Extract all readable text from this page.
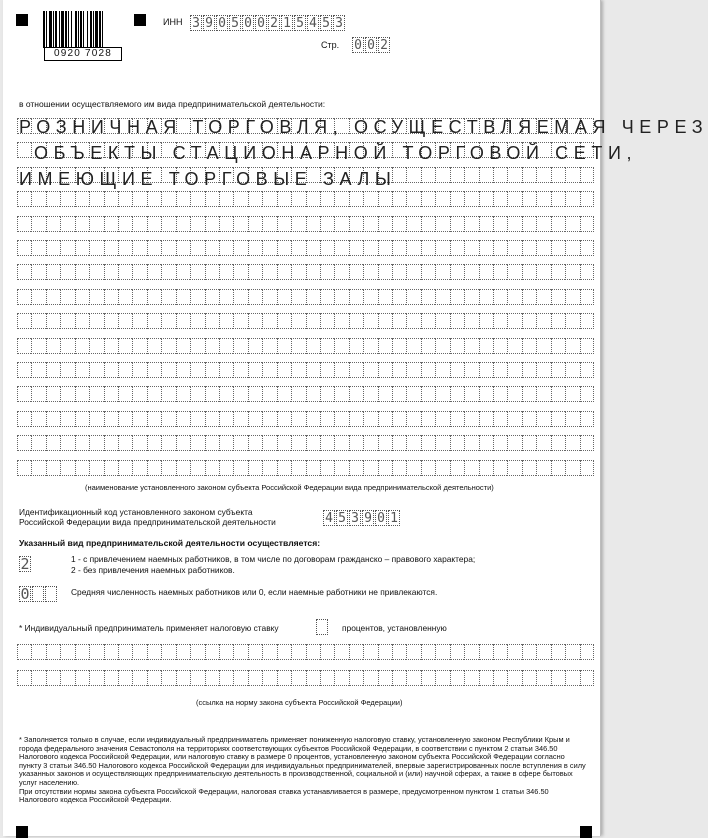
0920 7028
ИНН 3 9 0 5 0 0 2 1 5 4 5 3
Стр. 0 0 2
в отношении осуществляемого им вида предпринимательской деятельности:
РОЗНИЧНАЯ ТОРГОВЛЯ, ОСУЩЕСТВЛЯЕМАЯ ЧЕРЕЗ
ОБЪЕКТЫ СТАЦИОНАРНОЙ ТОРГОВОЙ СЕТИ,
ИМЕЮЩИЕ ТОРГОВЫЕ ЗАЛЫ
(наименование установленного законом субъекта Российской Федерации вида предпринимательской деятельности)
Идентификационный код установленного законом субъекта
Российской Федерации вида предпринимательской деятельности	4 5 3 9 0 1
Указанный вид предпринимательской деятельности осуществляется:
2	1 - с привлечением наемных работников, в том числе по договорам гражданско – правового характера;
2 - без привлечения наемных работников.
0	Средняя численность наемных работников или 0, если наемные работники не привлекаются.
* Индивидуальный предприниматель применяет налоговую ставку	процентов, установленную
(ссылка на норму закона субъекта Российской Федерации)
* Заполняется только в случае, если индивидуальный предприниматель применяет пониженную налоговую ставку, установленную законом Республики Крым и города федерального значения Севастополя на территориях соответствующих субъектов Российской Федерации, в соответствии с пунктом 2 статьи 346.50 Налогового кодекса Российской Федерации, или налоговую ставку в размере 0 процентов, установленную законом субъекта Российской Федерации согласно пункту 3 статьи 346.50 Налогового кодекса Российской Федерации для индивидуальных предпринимателей, впервые зарегистрированных после вступления в силу указанных законов и осуществляющих предпринимательскую деятельность в производственной, социальной и (или) научной сферах, а также в сфере бытовых услуг населению.
При отсутствии нормы закона субъекта Российской Федерации, налоговая ставка устанавливается в размере, предусмотренном пунктом 1 статьи 346.50 Налогового кодекса Российской Федерации.
